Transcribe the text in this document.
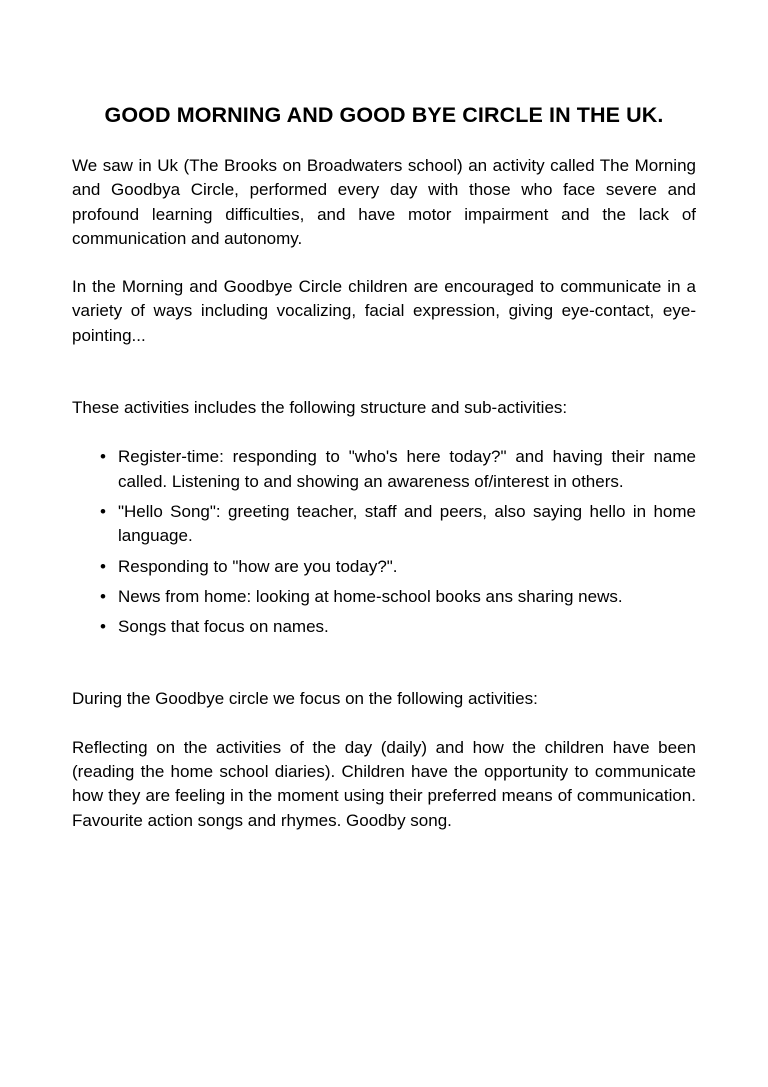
GOOD MORNING AND GOOD BYE CIRCLE IN THE UK.

We saw in Uk (The Brooks on Broadwaters school) an activity called The Morning and Goodbya Circle, performed every day with those who face severe and profound learning difficulties, and have motor impairment and the lack of communication and autonomy.

In the Morning and Goodbye Circle children are encouraged to communicate in a variety of ways including vocalizing, facial expression, giving eye-contact, eye-pointing...

These activities includes the following structure and sub-activities:

• Register-time: responding to "who's here today?" and having their name called. Listening to and showing an awareness of/interest in others.
• "Hello Song": greeting teacher, staff and peers, also saying hello in home language.
• Responding to "how are you today?".
• News from home: looking at home-school books ans sharing news.
• Songs that focus on names.

During the Goodbye circle we focus on the following activities:

Reflecting on the activities of the day (daily) and how the children have been (reading the home school diaries). Children have the opportunity to communicate how they are feeling in the moment using their preferred means of communication. Favourite action songs and rhymes. Goodby song.
